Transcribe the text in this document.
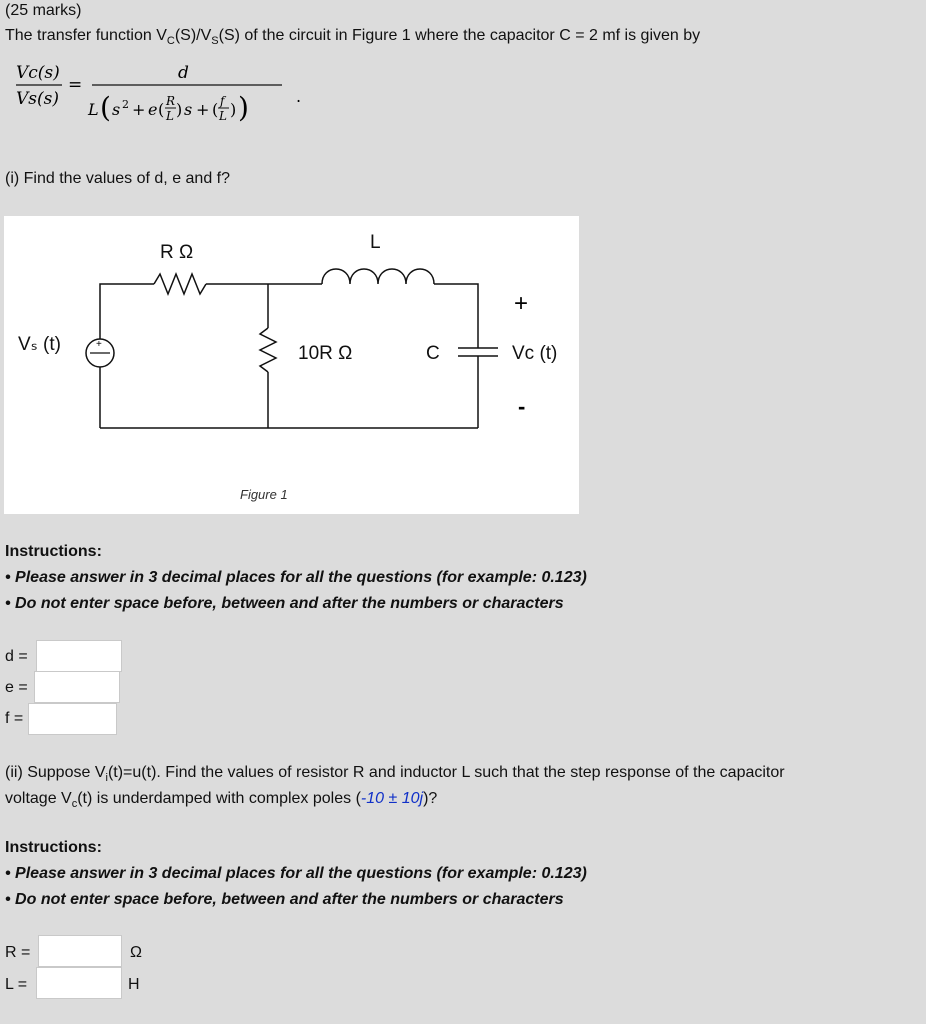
(25 marks)
The transfer function $V_C(S)/V_S(S)$ of the circuit in Figure 1 where the capacitor C = 2 mf is given by
Vc(s)
Vs(s)
=
d
L ( s 2 + e ( R
L ) s + ( f
L ) )	.
(i) Find the values of d, e and f?
+
R Ω	L
Vₛ (t)	10R Ω	C	Vᴄ (t)
+
-
Figure 1
Instructions:
• Please answer in 3 decimal places for all the questions (for example: 0.123)
• Do not enter space before, between and after the numbers or characters
d =
e =
f =
(ii) Suppose $V_i(t)=u(t)$. Find the values of resistor R and inductor L such that the step response of the capacitor
voltage $V_c(t)$ is underdamped with complex poles (-10 ± 10j)?
Instructions:
• Please answer in 3 decimal places for all the questions (for example: 0.123)
• Do not enter space before, between and after the numbers or characters
R =	Ω
L =	H
